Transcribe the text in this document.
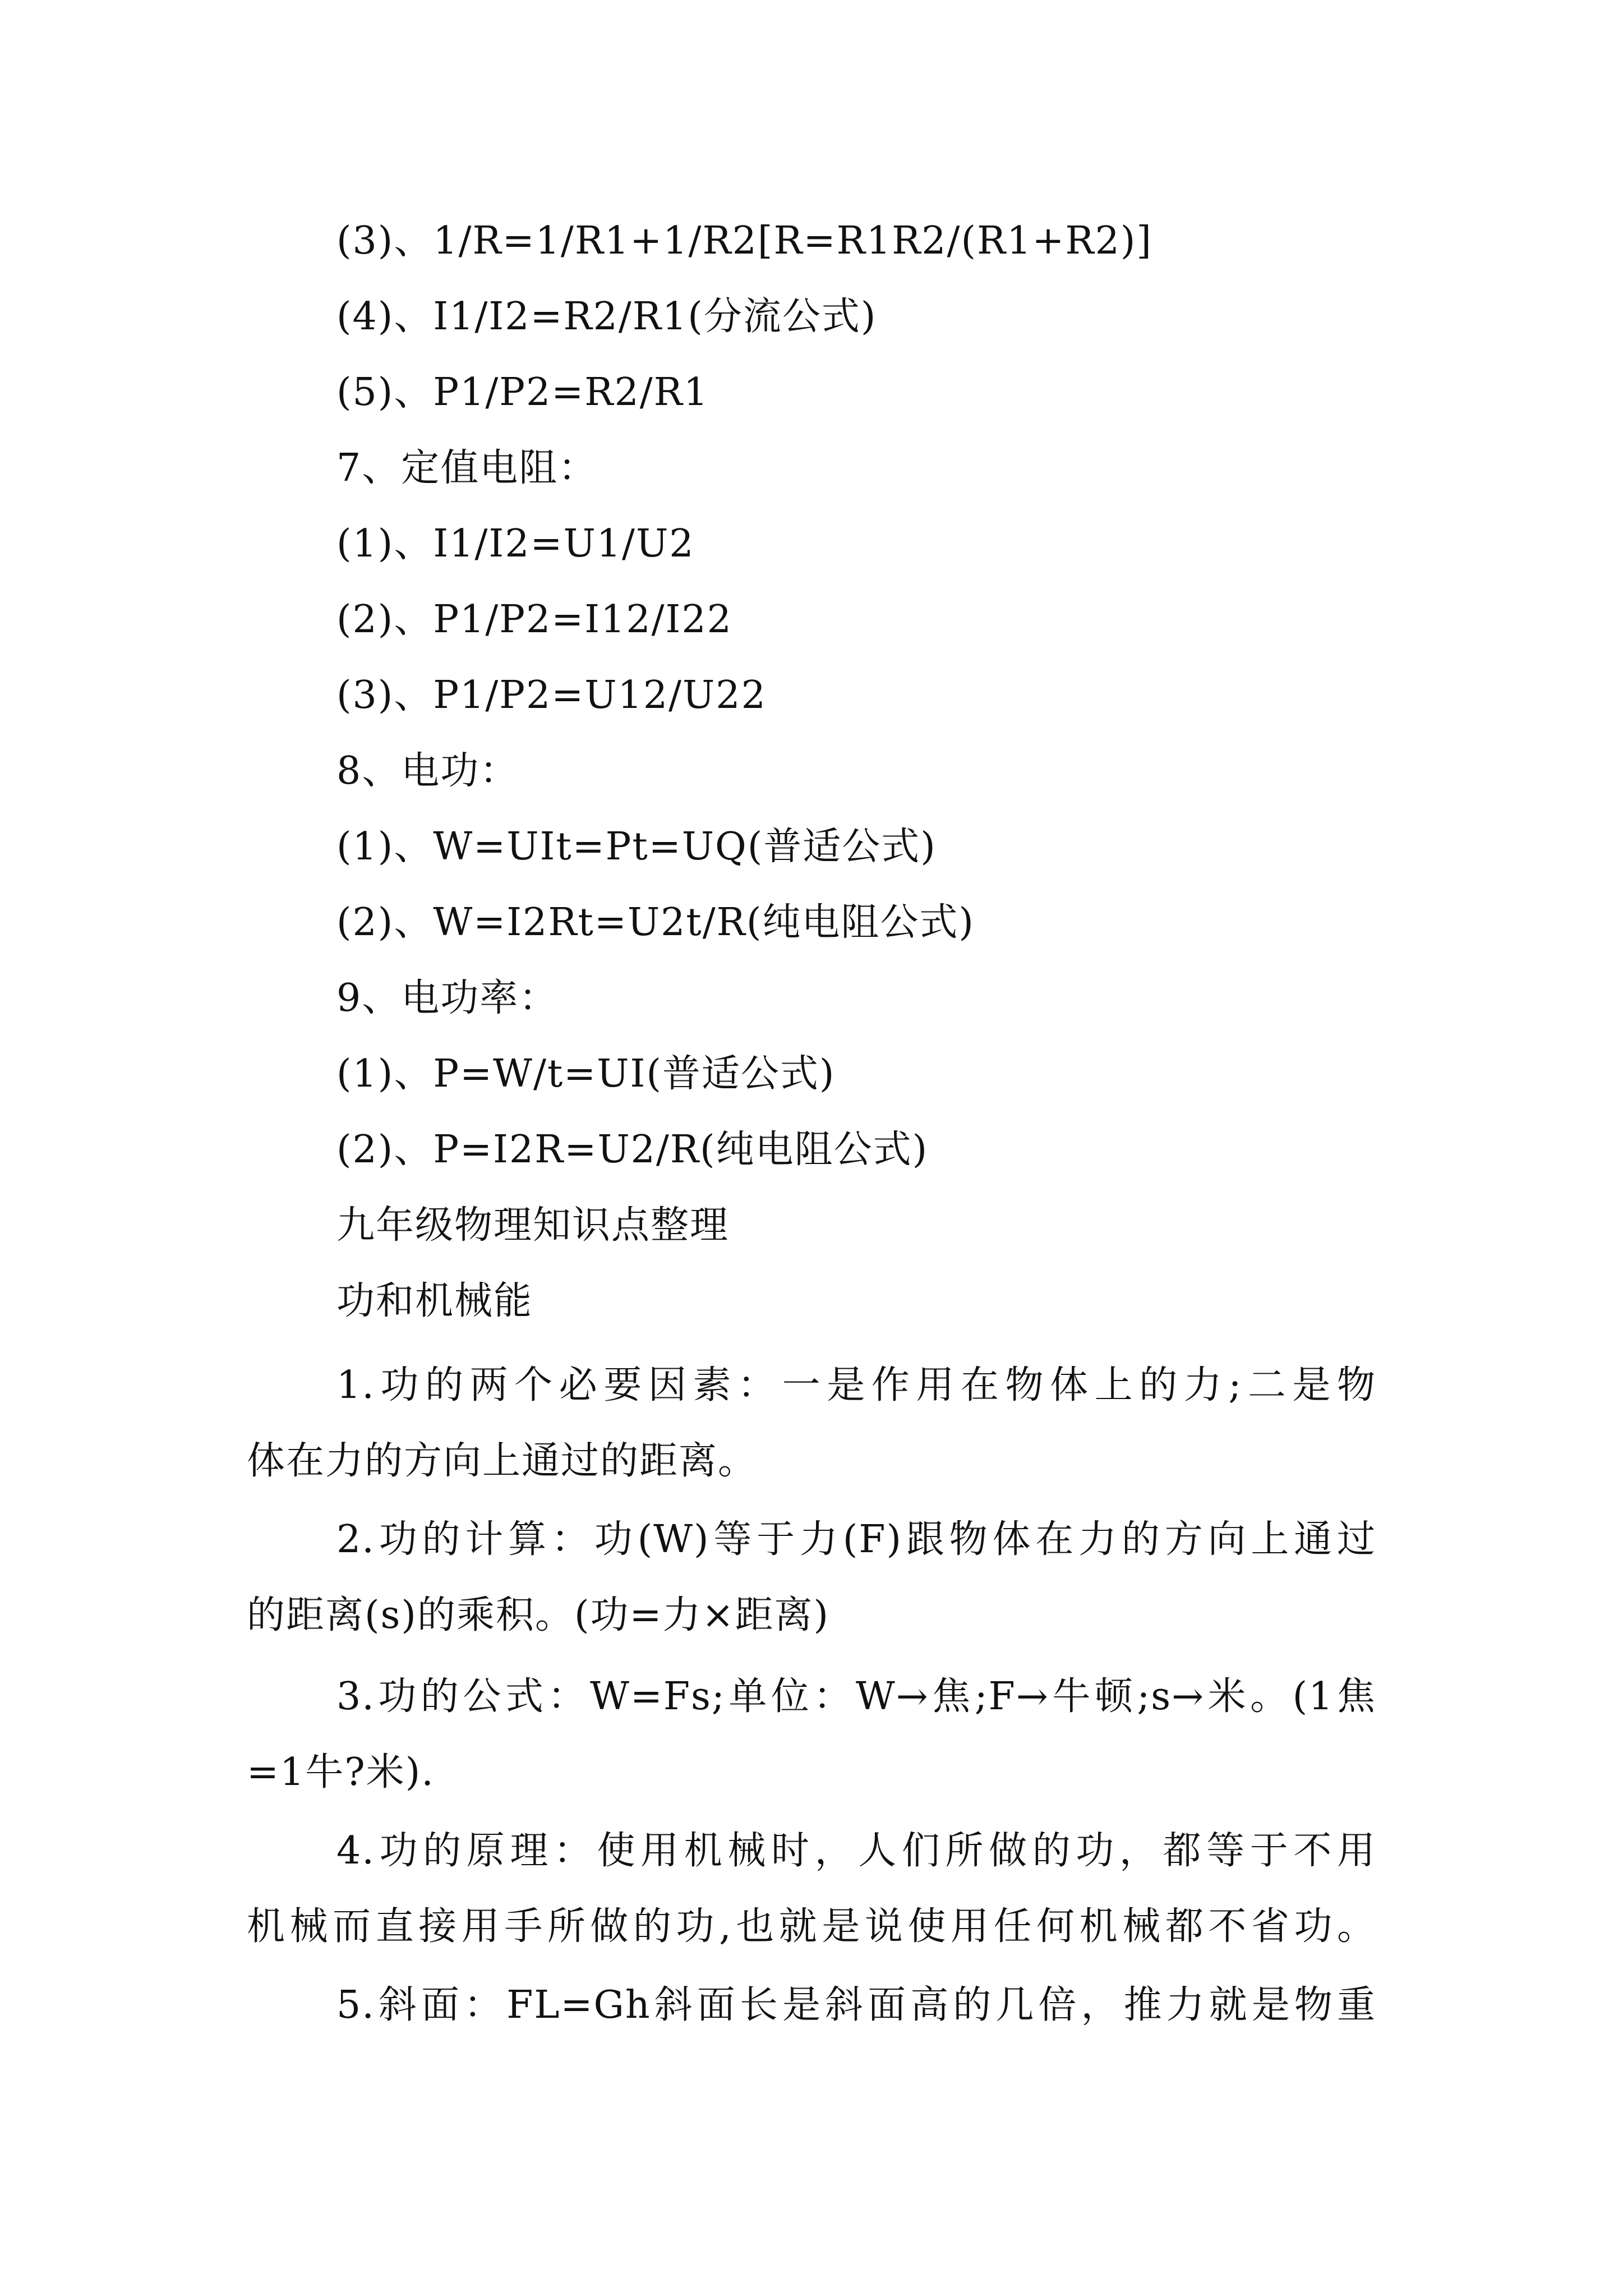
(3)、1/R=1/R1+1/R2[R=R1R2/(R1+R2)]
(4)、I1/I2=R2/R1(分流公式)
(5)、P1/P2=R2/R1
7、定值电阻：
(1)、I1/I2=U1/U2
(2)、P1/P2=I12/I22
(3)、P1/P2=U12/U22
8、电功：
(1)、W=UIt=Pt=UQ(普适公式)
(2)、W=I2Rt=U2t/R(纯电阻公式)
9、电功率：
(1)、P=W/t=UI(普适公式)
(2)、P=I2R=U2/R(纯电阻公式)
九年级物理知识点整理
功和机械能
1.功的两个必要因素：一是作用在物体上的力;二是物
体在力的方向上通过的距离。
2.功的计算：功(W)等于力(F)跟物体在力的方向上通过
的距离(s)的乘积。(功=力×距离)
3.功的公式：W=Fs;单位：W→焦;F→牛顿;s→米。(1焦
=1牛?米).
4.功的原理：使用机械时，人们所做的功，都等于不用
机械而直接用手所做的功,也就是说使用任何机械都不省功。
5.斜面：FL=Gh斜面长是斜面高的几倍，推力就是物重
